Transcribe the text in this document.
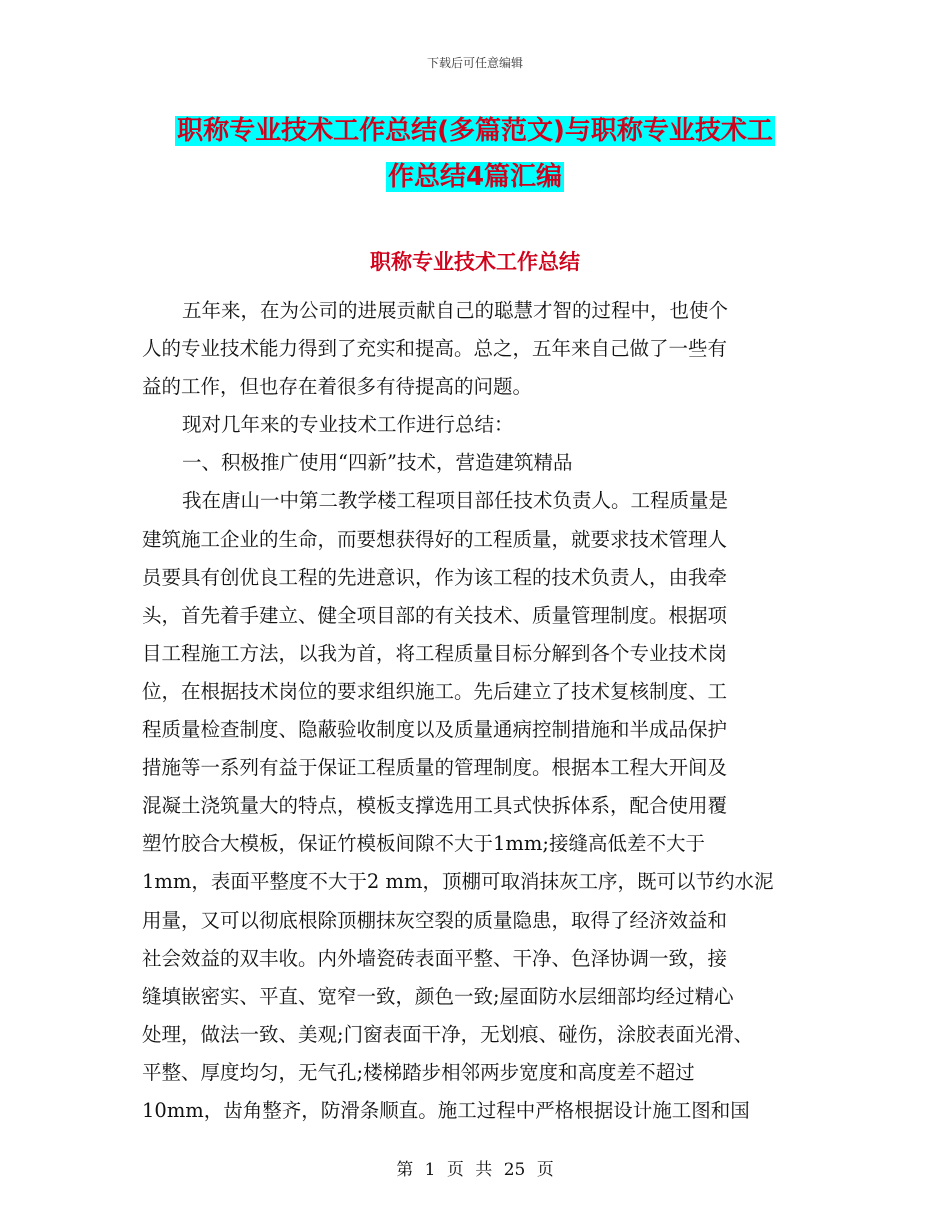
下载后可任意编辑
职称专业技术工作总结(多篇范文)与职称专业技术工
作总结4篇汇编
职称专业技术工作总结
五年来，在为公司的进展贡献自己的聪慧才智的过程中，也使个
人的专业技术能力得到了充实和提高。总之，五年来自己做了一些有
益的工作，但也存在着很多有待提高的问题。
现对几年来的专业技术工作进行总结：
一、积极推广使用“四新”技术，营造建筑精品
我在唐山一中第二教学楼工程项目部任技术负责人。工程质量是
建筑施工企业的生命，而要想获得好的工程质量，就要求技术管理人
员要具有创优良工程的先进意识，作为该工程的技术负责人，由我牵
头，首先着手建立、健全项目部的有关技术、质量管理制度。根据项
目工程施工方法，以我为首，将工程质量目标分解到各个专业技术岗
位，在根据技术岗位的要求组织施工。先后建立了技术复核制度、工
程质量检查制度、隐蔽验收制度以及质量通病控制措施和半成品保护
措施等一系列有益于保证工程质量的管理制度。根据本工程大开间及
混凝土浇筑量大的特点，模板支撑选用工具式快拆体系，配合使用覆
塑竹胶合大模板，保证竹模板间隙不大于1mm;接缝高低差不大于
1mm，表面平整度不大于2 mm，顶棚可取消抹灰工序，既可以节约水泥
用量，又可以彻底根除顶棚抹灰空裂的质量隐患，取得了经济效益和
社会效益的双丰收。内外墙瓷砖表面平整、干净、色泽协调一致，接
缝填嵌密实、平直、宽窄一致，颜色一致;屋面防水层细部均经过精心
处理，做法一致、美观;门窗表面干净，无划痕、碰伤，涂胶表面光滑、
平整、厚度均匀，无气孔;楼梯踏步相邻两步宽度和高度差不超过
10mm，齿角整齐，防滑条顺直。施工过程中严格根据设计施工图和国
第 1 页 共 25 页
